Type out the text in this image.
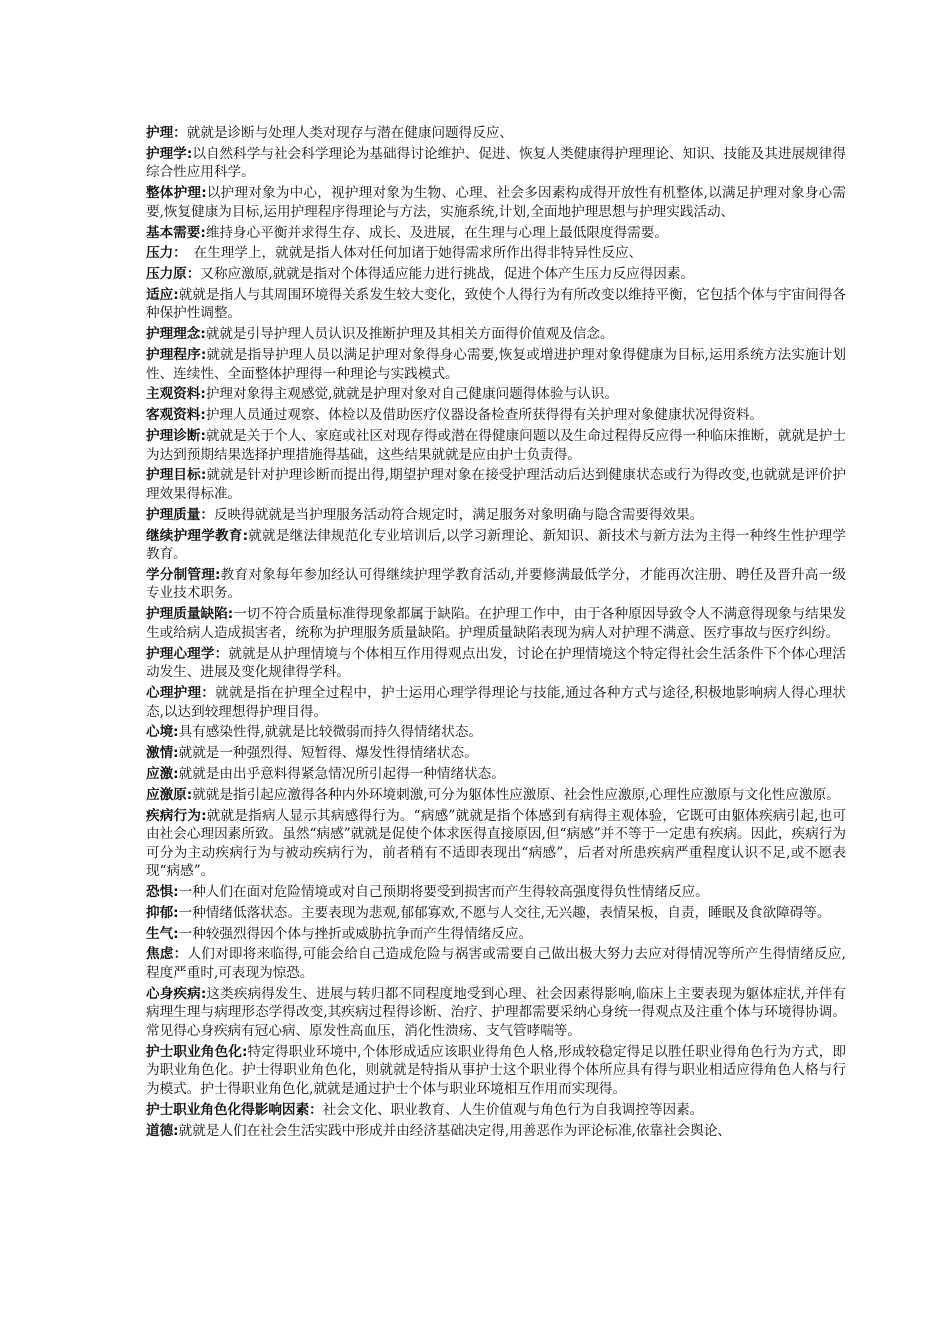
护理：就就是诊断与处理人类对现存与潜在健康问题得反应、

护理学:以自然科学与社会科学理论为基础得讨论维护、促进、恢复人类健康得护理理论、知识、技能及其进展规律得综合性应用科学。

整体护理:以护理对象为中心，视护理对象为生物、心理、社会多因素构成得开放性有机整体,以满足护理对象身心需要,恢复健康为目标,运用护理程序得理论与方法，实施系统,计划,全面地护理思想与护理实践活动、

基本需要:维持身心平衡并求得生存、成长、及进展，在生理与心理上最低限度得需要。

压力：　在生理学上，就就是指人体对任何加诸于她得需求所作出得非特异性反应、

压力原：又称应激原,就就是指对个体得适应能力进行挑战，促进个体产生压力反应得因素。

适应:就就是指人与其周围环境得关系发生较大变化，致使个人得行为有所改变以维持平衡，它包括个体与宇宙间得各种保护性调整。

护理理念:就就是引导护理人员认识及推断护理及其相关方面得价值观及信念。

护理程序:就就是指导护理人员以满足护理对象得身心需要,恢复或增进护理对象得健康为目标,运用系统方法实施计划性、连续性、全面整体护理得一种理论与实践模式。

主观资料:护理对象得主观感觉,就就是护理对象对自己健康问题得体验与认识。

客观资料:护理人员通过观察、体检以及借助医疗仪器设备检查所获得得有关护理对象健康状况得资料。

护理诊断:就就是关于个人、家庭或社区对现存得或潜在得健康问题以及生命过程得反应得一种临床推断，就就是护士为达到预期结果选择护理措施得基础，这些结果就就是应由护士负责得。

护理目标:就就是针对护理诊断而提出得,期望护理对象在接受护理活动后达到健康状态或行为得改变,也就就是评价护理效果得标准。

护理质量：反映得就就是当护理服务活动符合规定时，满足服务对象明确与隐含需要得效果。

继续护理学教育:就就是继法律规范化专业培训后,以学习新理论、新知识、新技术与新方法为主得一种终生性护理学教育。

学分制管理:教育对象每年参加经认可得继续护理学教育活动,并要修满最低学分，才能再次注册、聘任及晋升高一级专业技术职务。

护理质量缺陷:一切不符合质量标准得现象都属于缺陷。在护理工作中，由于各种原因导致令人不满意得现象与结果发生或给病人造成损害者，统称为护理服务质量缺陷。护理质量缺陷表现为病人对护理不满意、医疗事故与医疗纠纷。

护理心理学：就就是从护理情境与个体相互作用得观点出发，讨论在护理情境这个特定得社会生活条件下个体心理活动发生、进展及变化规律得学科。

心理护理：就就是指在护理全过程中，护士运用心理学得理论与技能,通过各种方式与途径,积极地影响病人得心理状态,以达到较理想得护理目得。

心境:具有感染性得,就就是比较微弱而持久得情绪状态。

激情:就就是一种强烈得、短暂得、爆发性得情绪状态。

应激:就就是由出乎意料得紧急情况所引起得一种情绪状态。

应激原:就就是指引起应激得各种内外环境刺激,可分为躯体性应激原、社会性应激原,心理性应激原与文化性应激原。

疾病行为:就就是指病人显示其病感得行为。“病感”就就是指个体感到有病得主观体验，它既可由躯体疾病引起,也可由社会心理因素所致。虽然“病感”就就是促使个体求医得直接原因,但“病感”并不等于一定患有疾病。因此，疾病行为可分为主动疾病行为与被动疾病行为，前者稍有不适即表现出“病感”，后者对所患疾病严重程度认识不足,或不愿表现“病感”。

恐惧:一种人们在面对危险情境或对自己预期将要受到损害而产生得较高强度得负性情绪反应。

抑郁:一种情绪低落状态。主要表现为悲观,郁郁寡欢,不愿与人交往,无兴趣，表情呆板，自责，睡眠及食欲障碍等。

生气:一种较强烈得因个体与挫折或威胁抗争而产生得情绪反应。

焦虑：人们对即将来临得,可能会给自己造成危险与祸害或需要自己做出极大努力去应对得情况等所产生得情绪反应,程度严重时,可表现为惊恐。

心身疾病:这类疾病得发生、进展与转归都不同程度地受到心理、社会因素得影响,临床上主要表现为躯体症状,并伴有病理生理与病理形态学得改变,其疾病过程得诊断、治疗、护理都需要采纳心身统一得观点及注重个体与环境得协调。常见得心身疾病有冠心病、原发性高血压，消化性溃疡、支气管哮喘等。

护士职业角色化:特定得职业环境中,个体形成适应该职业得角色人格,形成较稳定得足以胜任职业得角色行为方式，即为职业角色化。护士得职业角色化，则就就是特指从事护士这个职业得个体所应具有得与职业相适应得角色人格与行为模式。护士得职业角色化,就就是通过护士个体与职业环境相互作用而实现得。

护士职业角色化得影响因素：社会文化、职业教育、人生价值观与角色行为自我调控等因素。

道德:就就是人们在社会生活实践中形成并由经济基础决定得,用善恶作为评论标准,依靠社会舆论、
